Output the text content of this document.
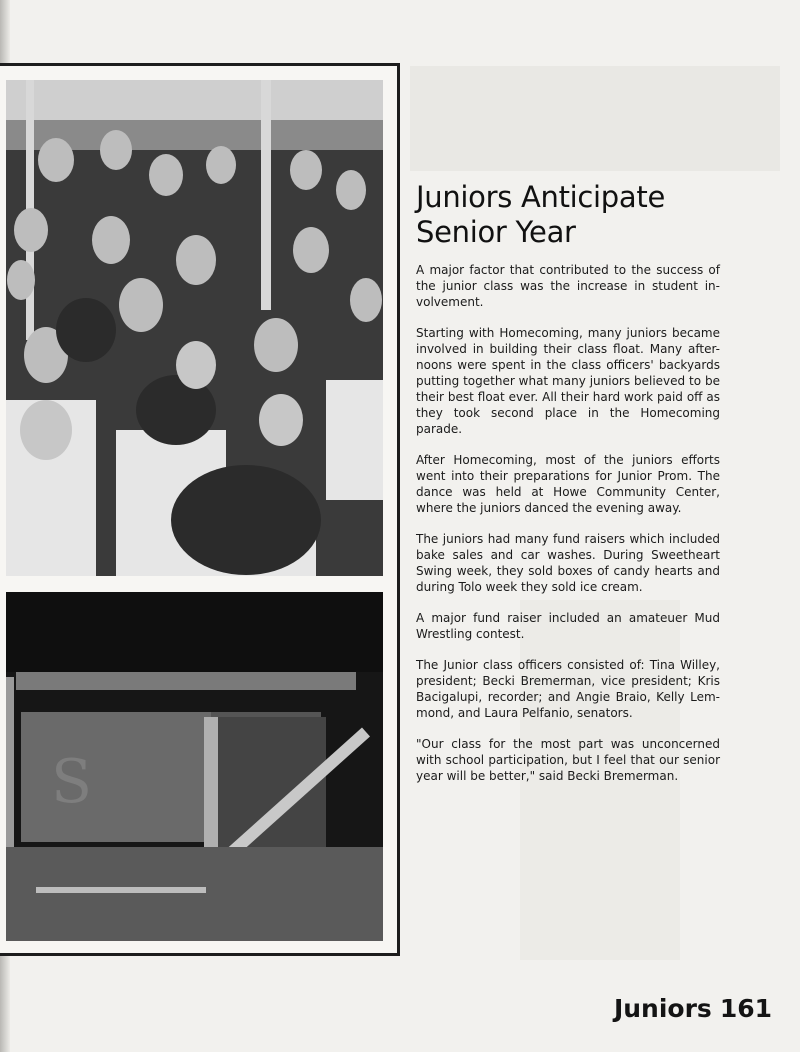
S
Juniors Anticipate
Senior Year

A major factor that contributed to the success of the junior class was the increase in student in-volvement.

Starting with Homecoming, many juniors became involved in building their class float. Many after-noons were spent in the class officers' backyards putting together what many juniors believed to be their best float ever. All their hard work paid off as they took second place in the Homecoming parade.

After Homecoming, most of the juniors efforts went into their preparations for Junior Prom. The dance was held at Howe Community Center, where the juniors danced the evening away.

The juniors had many fund raisers which included bake sales and car washes. During Sweetheart Swing week, they sold boxes of candy hearts and during Tolo week they sold ice cream.

A major fund raiser included an amateuer Mud Wrestling contest.

The Junior class officers consisted of: Tina Willey, president; Becki Bremerman, vice president; Kris Bacigalupi, recorder; and Angie Braio, Kelly Lem-mond, and Laura Pelfanio, senators.

"Our class for the most part was unconcerned with school participation, but I feel that our senior year will be better," said Becki Bremerman.

Juniors 161
